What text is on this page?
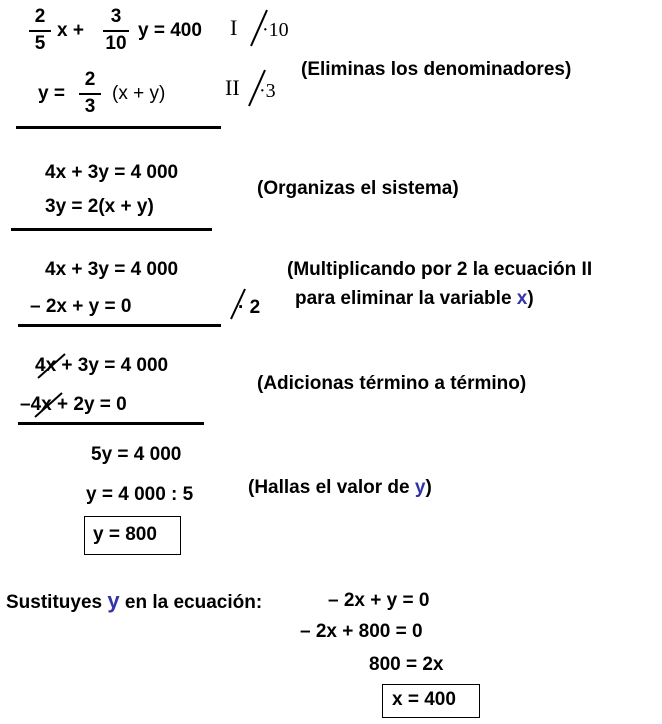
2
5
x +
3
10
y = 400 I ·10
y =
2
3
(x + y)	II ·3
(Eliminas los denominadores)
4x + 3y = 4 000
3y = 2(x + y)
(Organizas el sistema)
4x + 3y = 4 000
– 2x + y = 0	· 2
(Multiplicando por 2 la ecuación II
para eliminar la variable x)
4x + 3y = 4 000
–4x + 2y = 0
(Adicionas término a término)
5y = 4 000
y = 4 000 : 5
y = 800
(Hallas el valor de y)
Sustituyes y en la ecuación:	– 2x + y = 0
– 2x + 800 = 0
800 = 2x
x = 400
